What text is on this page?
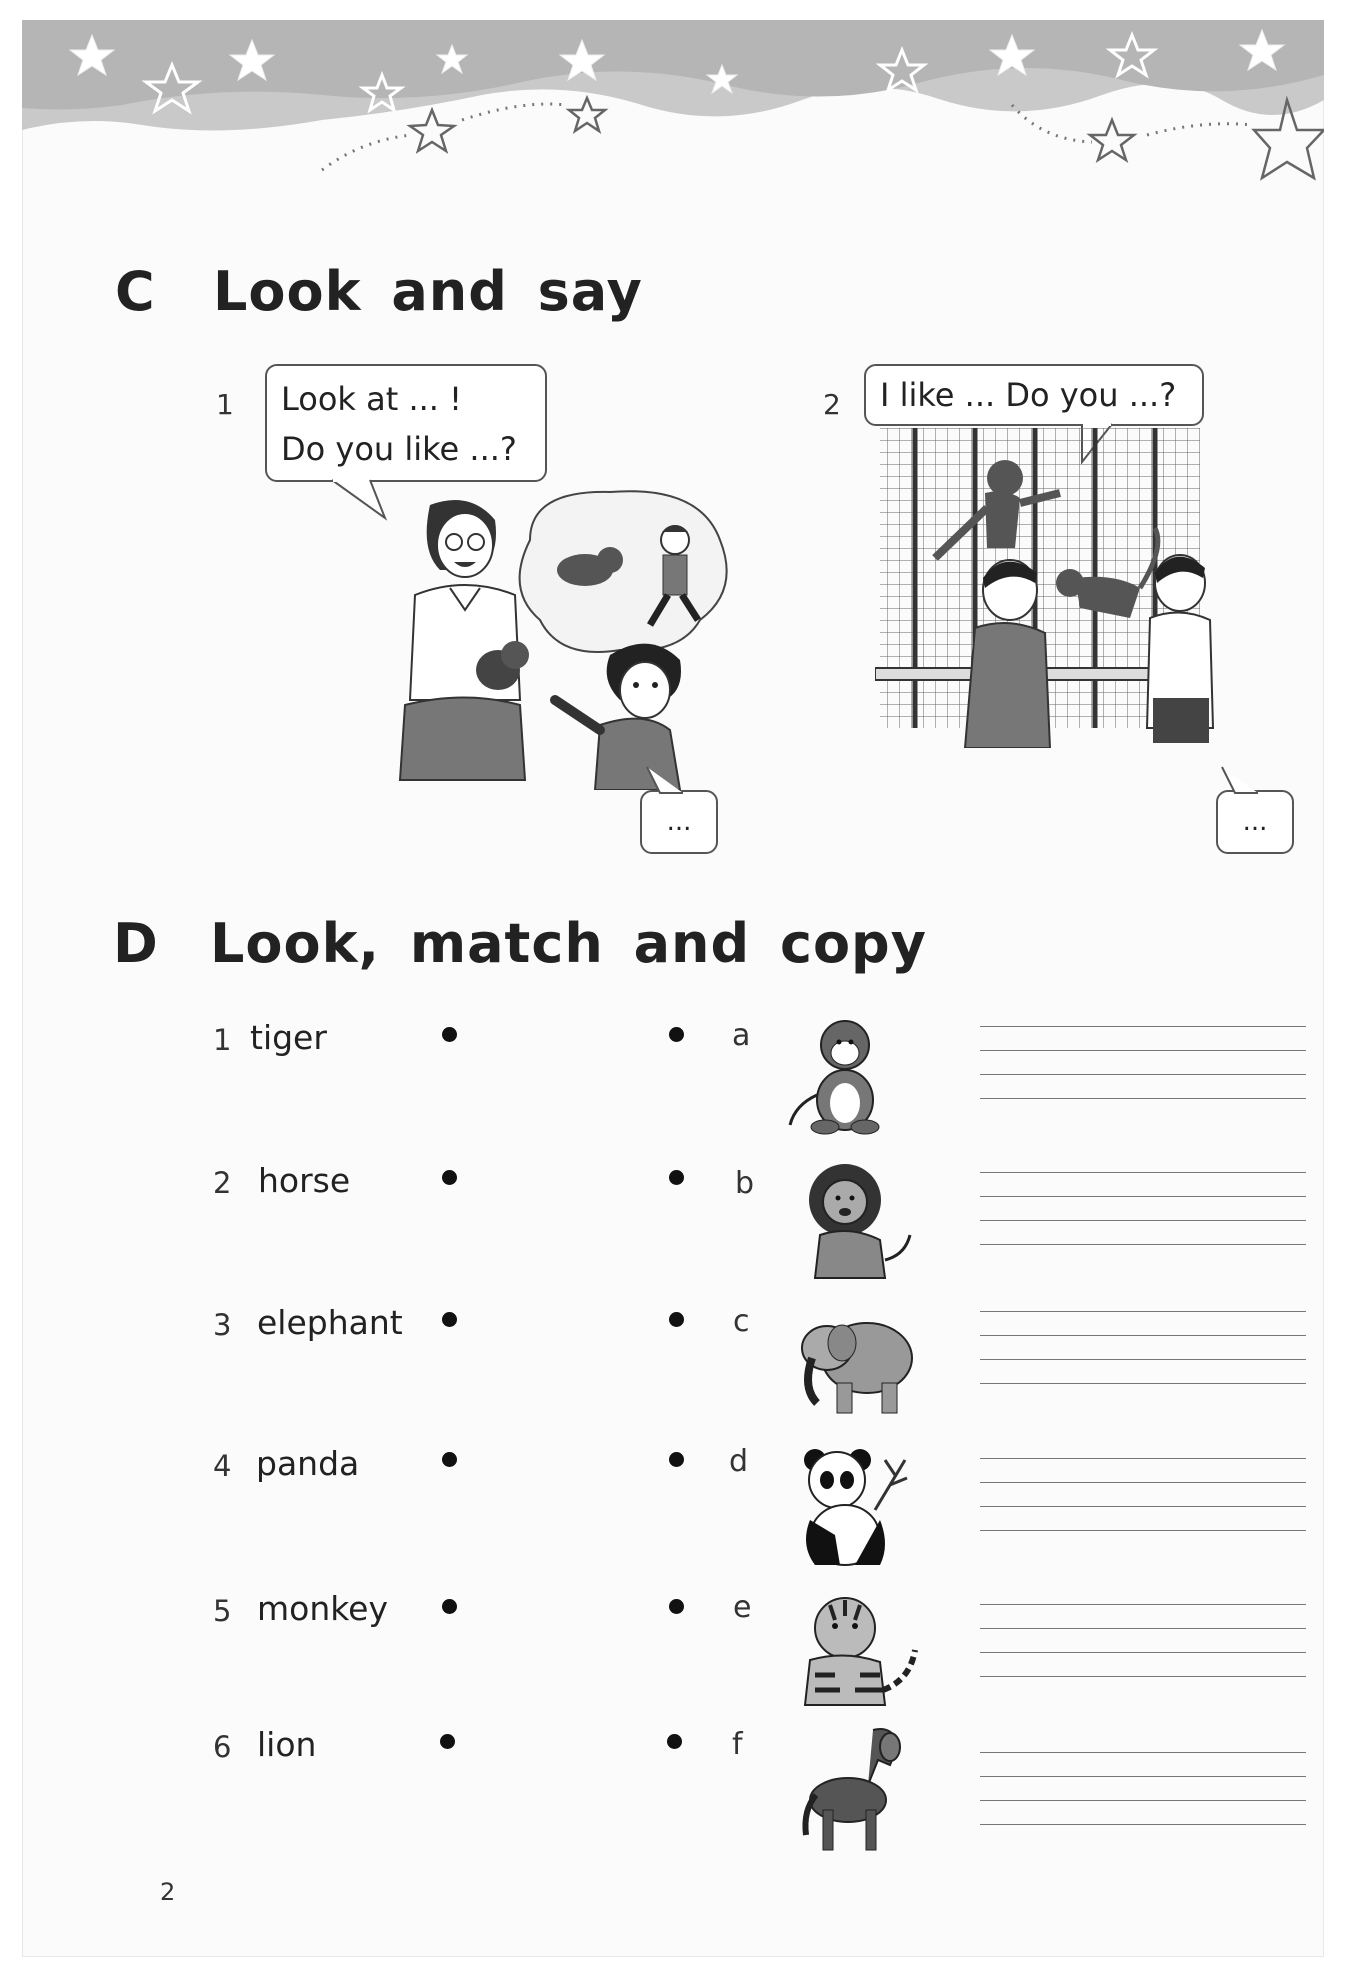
C Look and say
1 Look at ... !
Do you like ...?
...
2	I like ... Do you ...?
...
D Look, match and copy
1 tiger	a
2 horse	b
3 elephant	c
4 panda	d
5 monkey	e
6 lion	f
2
